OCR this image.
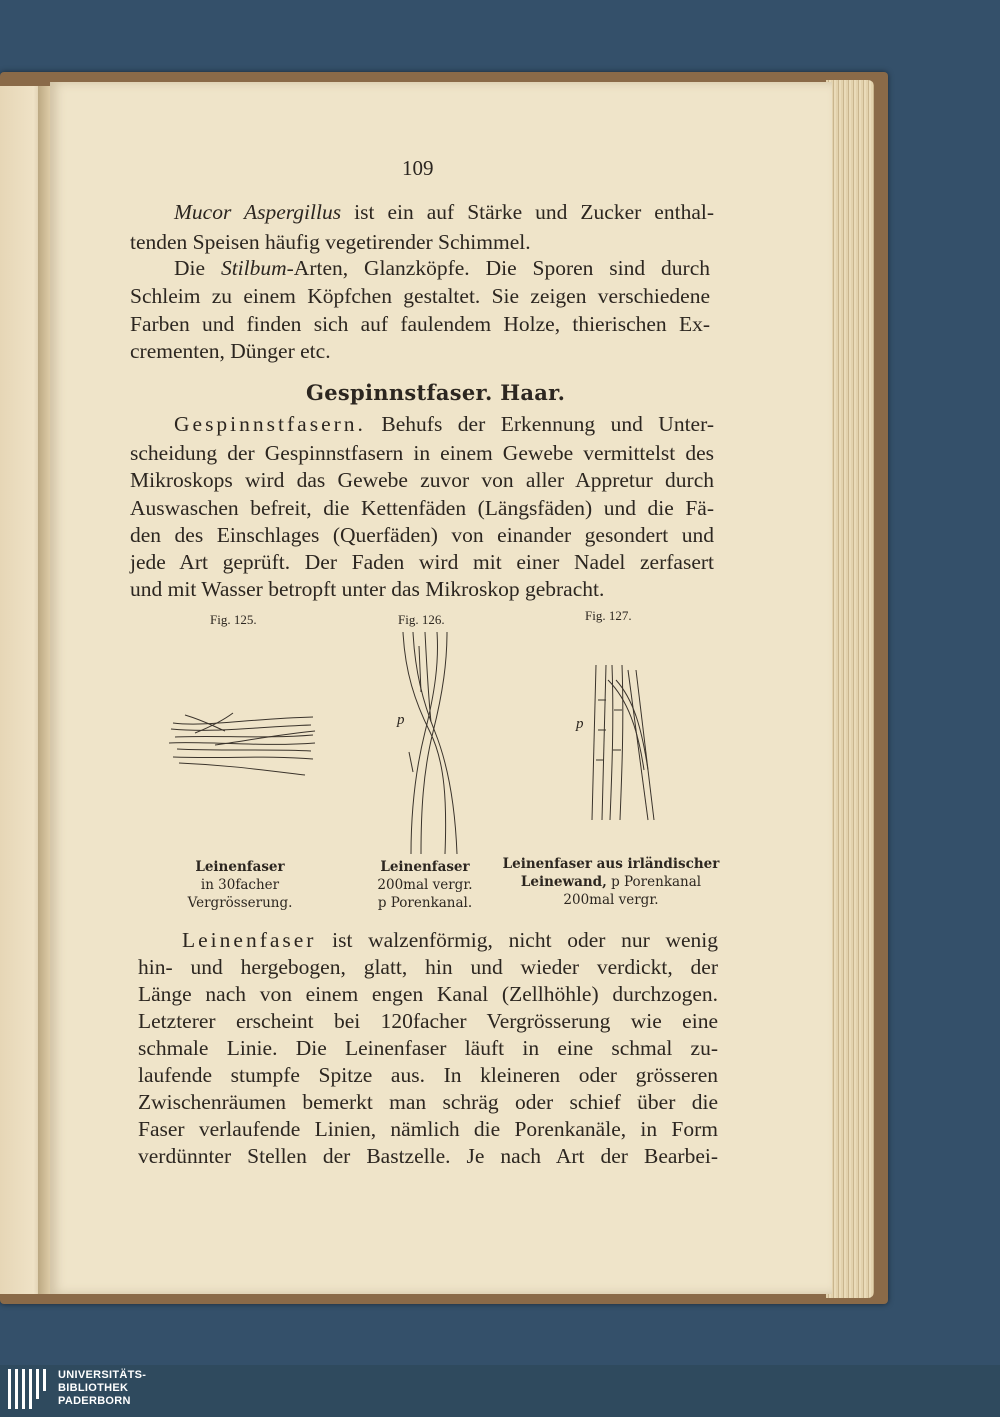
109
Mucor Aspergillus ist ein auf Stärke und Zucker enthal-
tenden Speisen häufig vegetirender Schimmel.
Die Stilbum-Arten, Glanzköpfe. Die Sporen sind durch
Schleim zu einem Köpfchen gestaltet. Sie zeigen verschiedene
Farben und finden sich auf faulendem Holze, thierischen Ex-
crementen, Dünger etc.
Gespinnstfaser. Haar.
Gespinnstfasern. Behufs der Erkennung und Unter-
scheidung der Gespinnstfasern in einem Gewebe vermittelst des
Mikroskops wird das Gewebe zuvor von aller Appretur durch
Auswaschen befreit, die Kettenfäden (Längsfäden) und die Fä-
den des Einschlages (Querfäden) von einander gesondert und
jede Art geprüft. Der Faden wird mit einer Nadel zerfasert
und mit Wasser betropft unter das Mikroskop gebracht.
Fig. 125.	Fig. 126.	Fig. 127.
p	p
Leinenfaser
in 30facher Vergrösserung.
Leinenfaser
200mal vergr.
p Porenkanal.
Leinenfaser aus irländischer
Leinewand, p Porenkanal
200mal vergr.
Leinenfaser ist walzenförmig, nicht oder nur wenig
hin- und hergebogen, glatt, hin und wieder verdickt, der
Länge nach von einem engen Kanal (Zellhöhle) durchzogen.
Letzterer erscheint bei 120facher Vergrösserung wie eine
schmale Linie. Die Leinenfaser läuft in eine schmal zu-
laufende stumpfe Spitze aus. In kleineren oder grösseren
Zwischenräumen bemerkt man schräg oder schief über die
Faser verlaufende Linien, nämlich die Porenkanäle, in Form
verdünnter Stellen der Bastzelle. Je nach Art der Bearbei-
UNIVERSITÄTS-
BIBLIOTHEK
PADERBORN
